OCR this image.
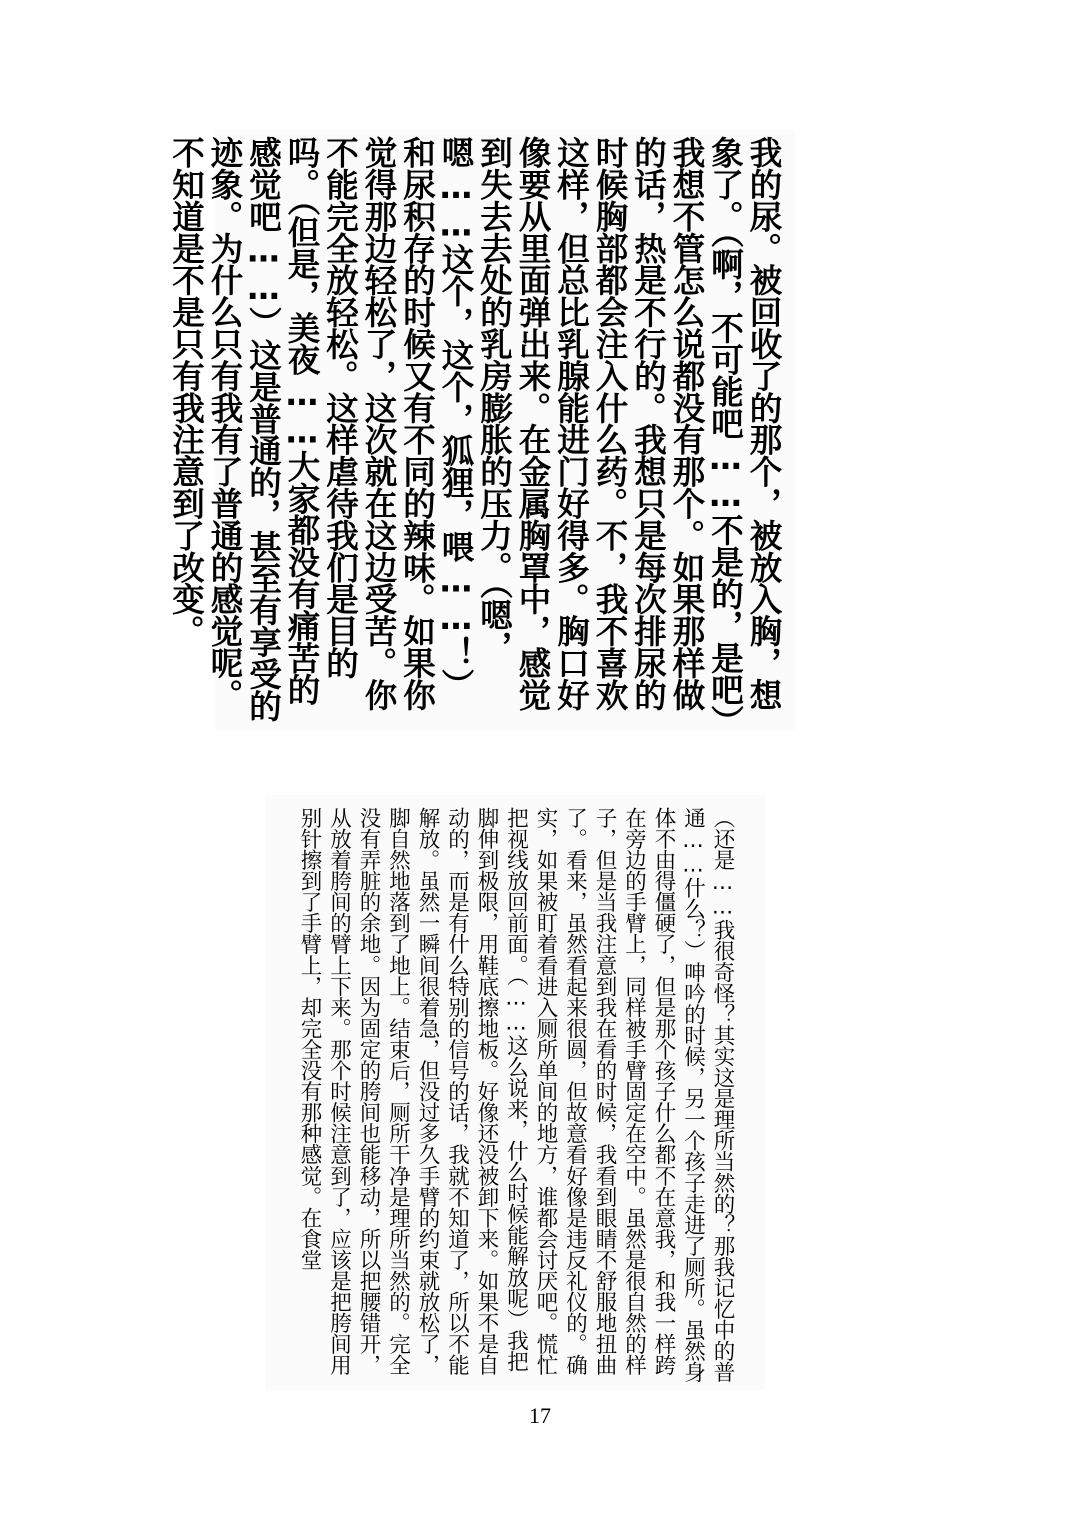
我的尿。被回收了的那个，被放入胸，想象了。（啊，不可能吧……不是的，是吧）我想不管怎么说都没有那个。如果那样做的话，热是不行的。我想只是每次排尿的时候胸部都会注入什么药。不，我不喜欢这样，但总比乳腺能进门好得多。胸口好像要从里面弹出来。在金属胸罩中，感觉到失去去处的乳房膨胀的压力。（嗯，嗯……这个，这个，狐狸，喂……！）和尿积存的时候又有不同的辣味。如果你觉得那边轻松了，这次就在这边受苦。你不能完全放轻松。这样虐待我们是目的吗。（但是，美夜……大家都没有痛苦的感觉吧……）这是普通的，甚至有享受的迹象。为什么只有我有了普通的感觉呢。不知道是不是只有我注意到了改变。

（还是……我很奇怪？其实这是理所当然的？那我记忆中的普通……什么？）呻吟的时候，另一个孩子走进了厕所。虽然身体不由得僵硬了，但是那个孩子什么都不在意我，和我一样跨在旁边的手臂上，同样被手臂固定在空中。虽然是很自然的样子，但是当我注意到我在看的时候，我看到眼睛不舒服地扭曲了。看来，虽然看起来很圆，但故意看好像是违反礼仪的。确实，如果被盯着看进入厕所单间的地方，谁都会讨厌吧。慌忙把视线放回前面。（……这么说来，什么时候能解放呢）我把脚伸到极限，用鞋底擦地板。好像还没被卸下来。如果不是自动的，而是有什么特别的信号的话，我就不知道了，所以不能解放。虽然一瞬间很着急，但没过多久手臂的约束就放松了，脚自然地落到了地上。结束后，厕所干净是理所当然的。完全没有弄脏的余地。因为固定的胯间也能移动，所以把腰错开，从放着胯间的臂上下来。那个时候注意到了，应该是把胯间用别针擦到了手臂上，却完全没有那种感觉。在食堂

17
